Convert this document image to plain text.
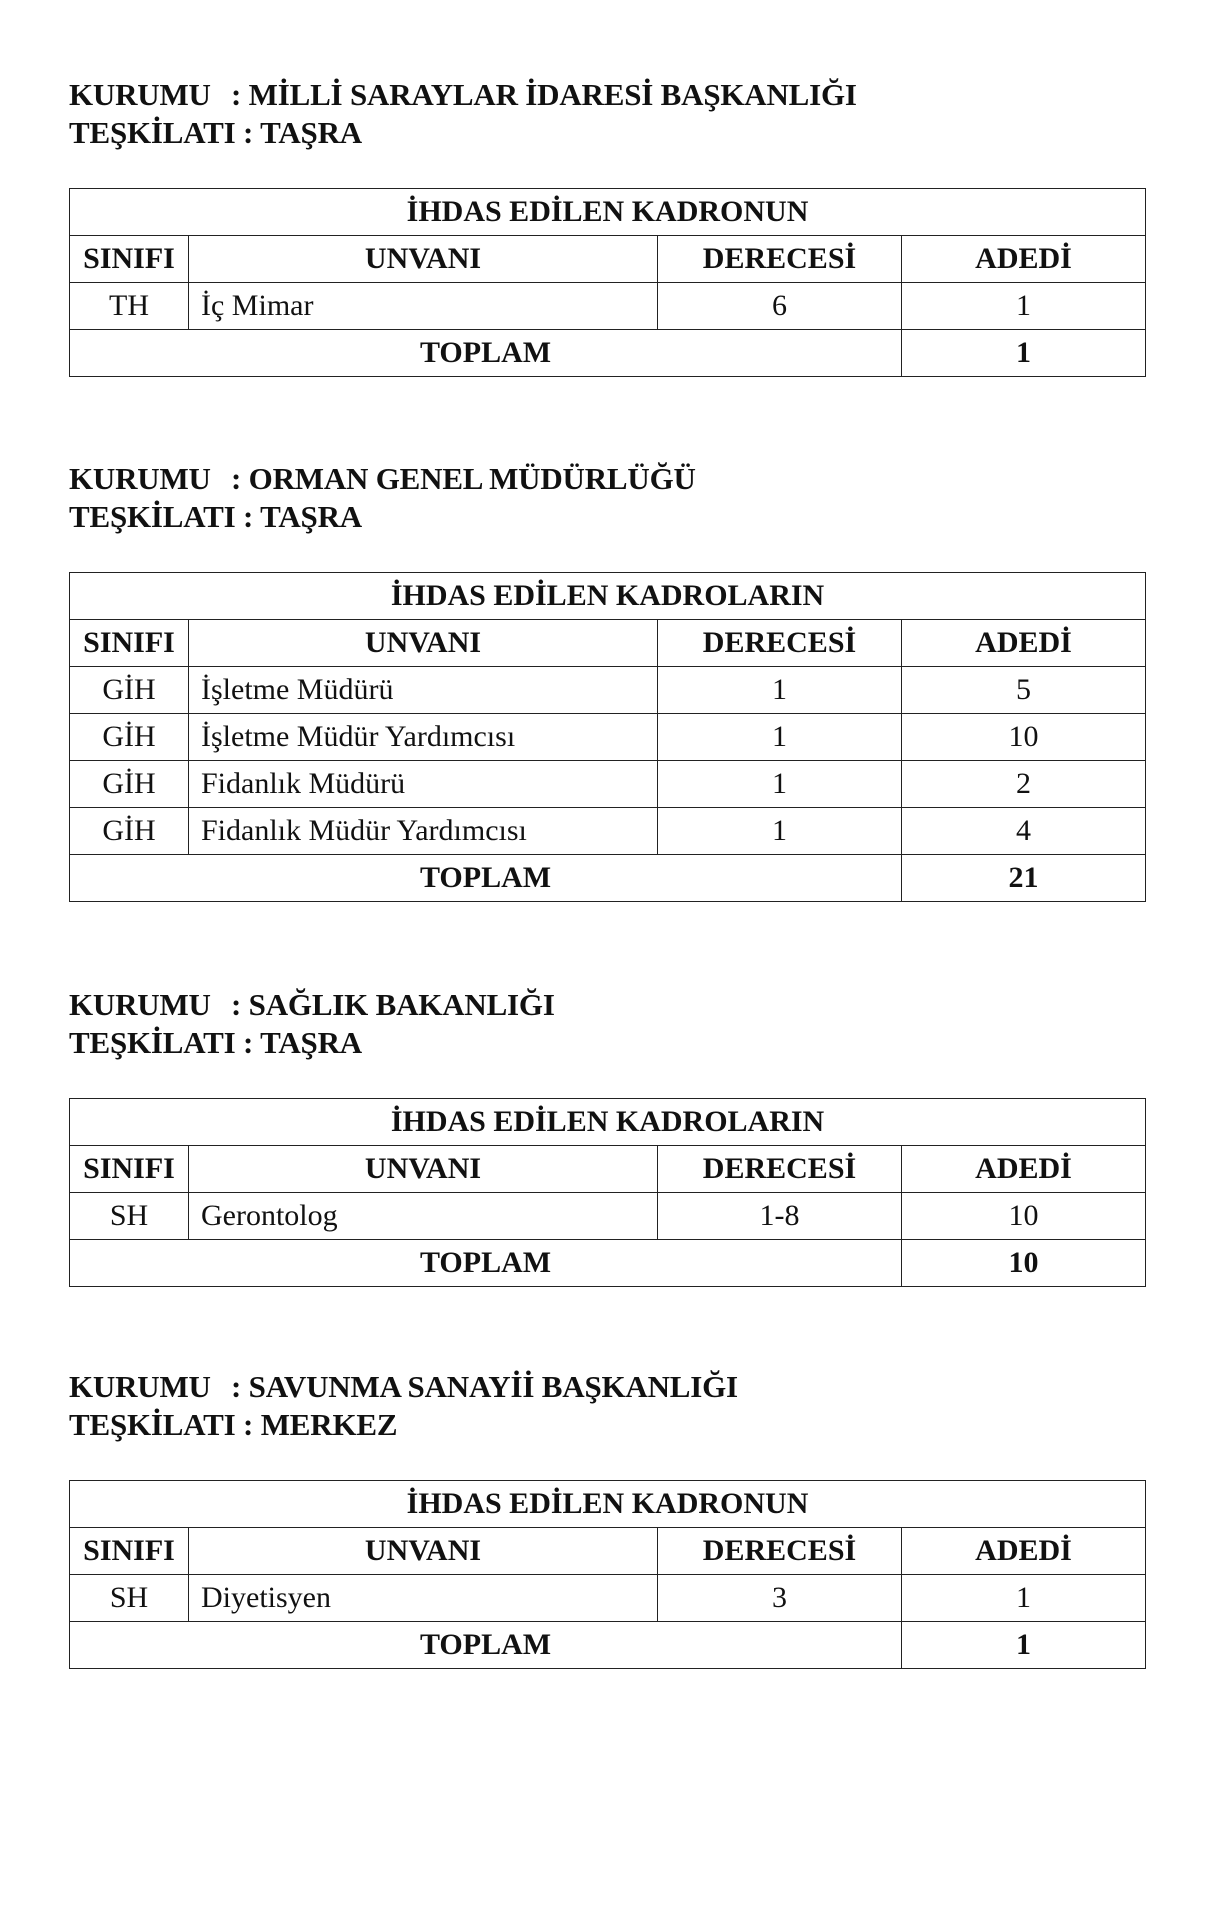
KURUMU : MİLLİ SARAYLAR İDARESİ BAŞKANLIĞI
TEŞKİLATI : TAŞRA
İHDAS EDİLEN KADRONUN			
SINIFI	UNVANI	DERECESİ	ADEDİ
TH	İç Mimar	6	1
TOPLAM			1
KURUMU : ORMAN GENEL MÜDÜRLÜĞÜ
TEŞKİLATI : TAŞRA
İHDAS EDİLEN KADROLARIN			
SINIFI	UNVANI	DERECESİ	ADEDİ
GİH	İşletme Müdürü	1	5
GİH	İşletme Müdür Yardımcısı	1	10
GİH	Fidanlık Müdürü	1	2
GİH	Fidanlık Müdür Yardımcısı	1	4
TOPLAM			21
KURUMU : SAĞLIK BAKANLIĞI
TEŞKİLATI : TAŞRA
İHDAS EDİLEN KADROLARIN			
SINIFI	UNVANI	DERECESİ	ADEDİ
SH	Gerontolog	1-8	10
TOPLAM			10
KURUMU : SAVUNMA SANAYİİ BAŞKANLIĞI
TEŞKİLATI : MERKEZ
İHDAS EDİLEN KADRONUN			
SINIFI	UNVANI	DERECESİ	ADEDİ
SH	Diyetisyen	3	1
TOPLAM			1
